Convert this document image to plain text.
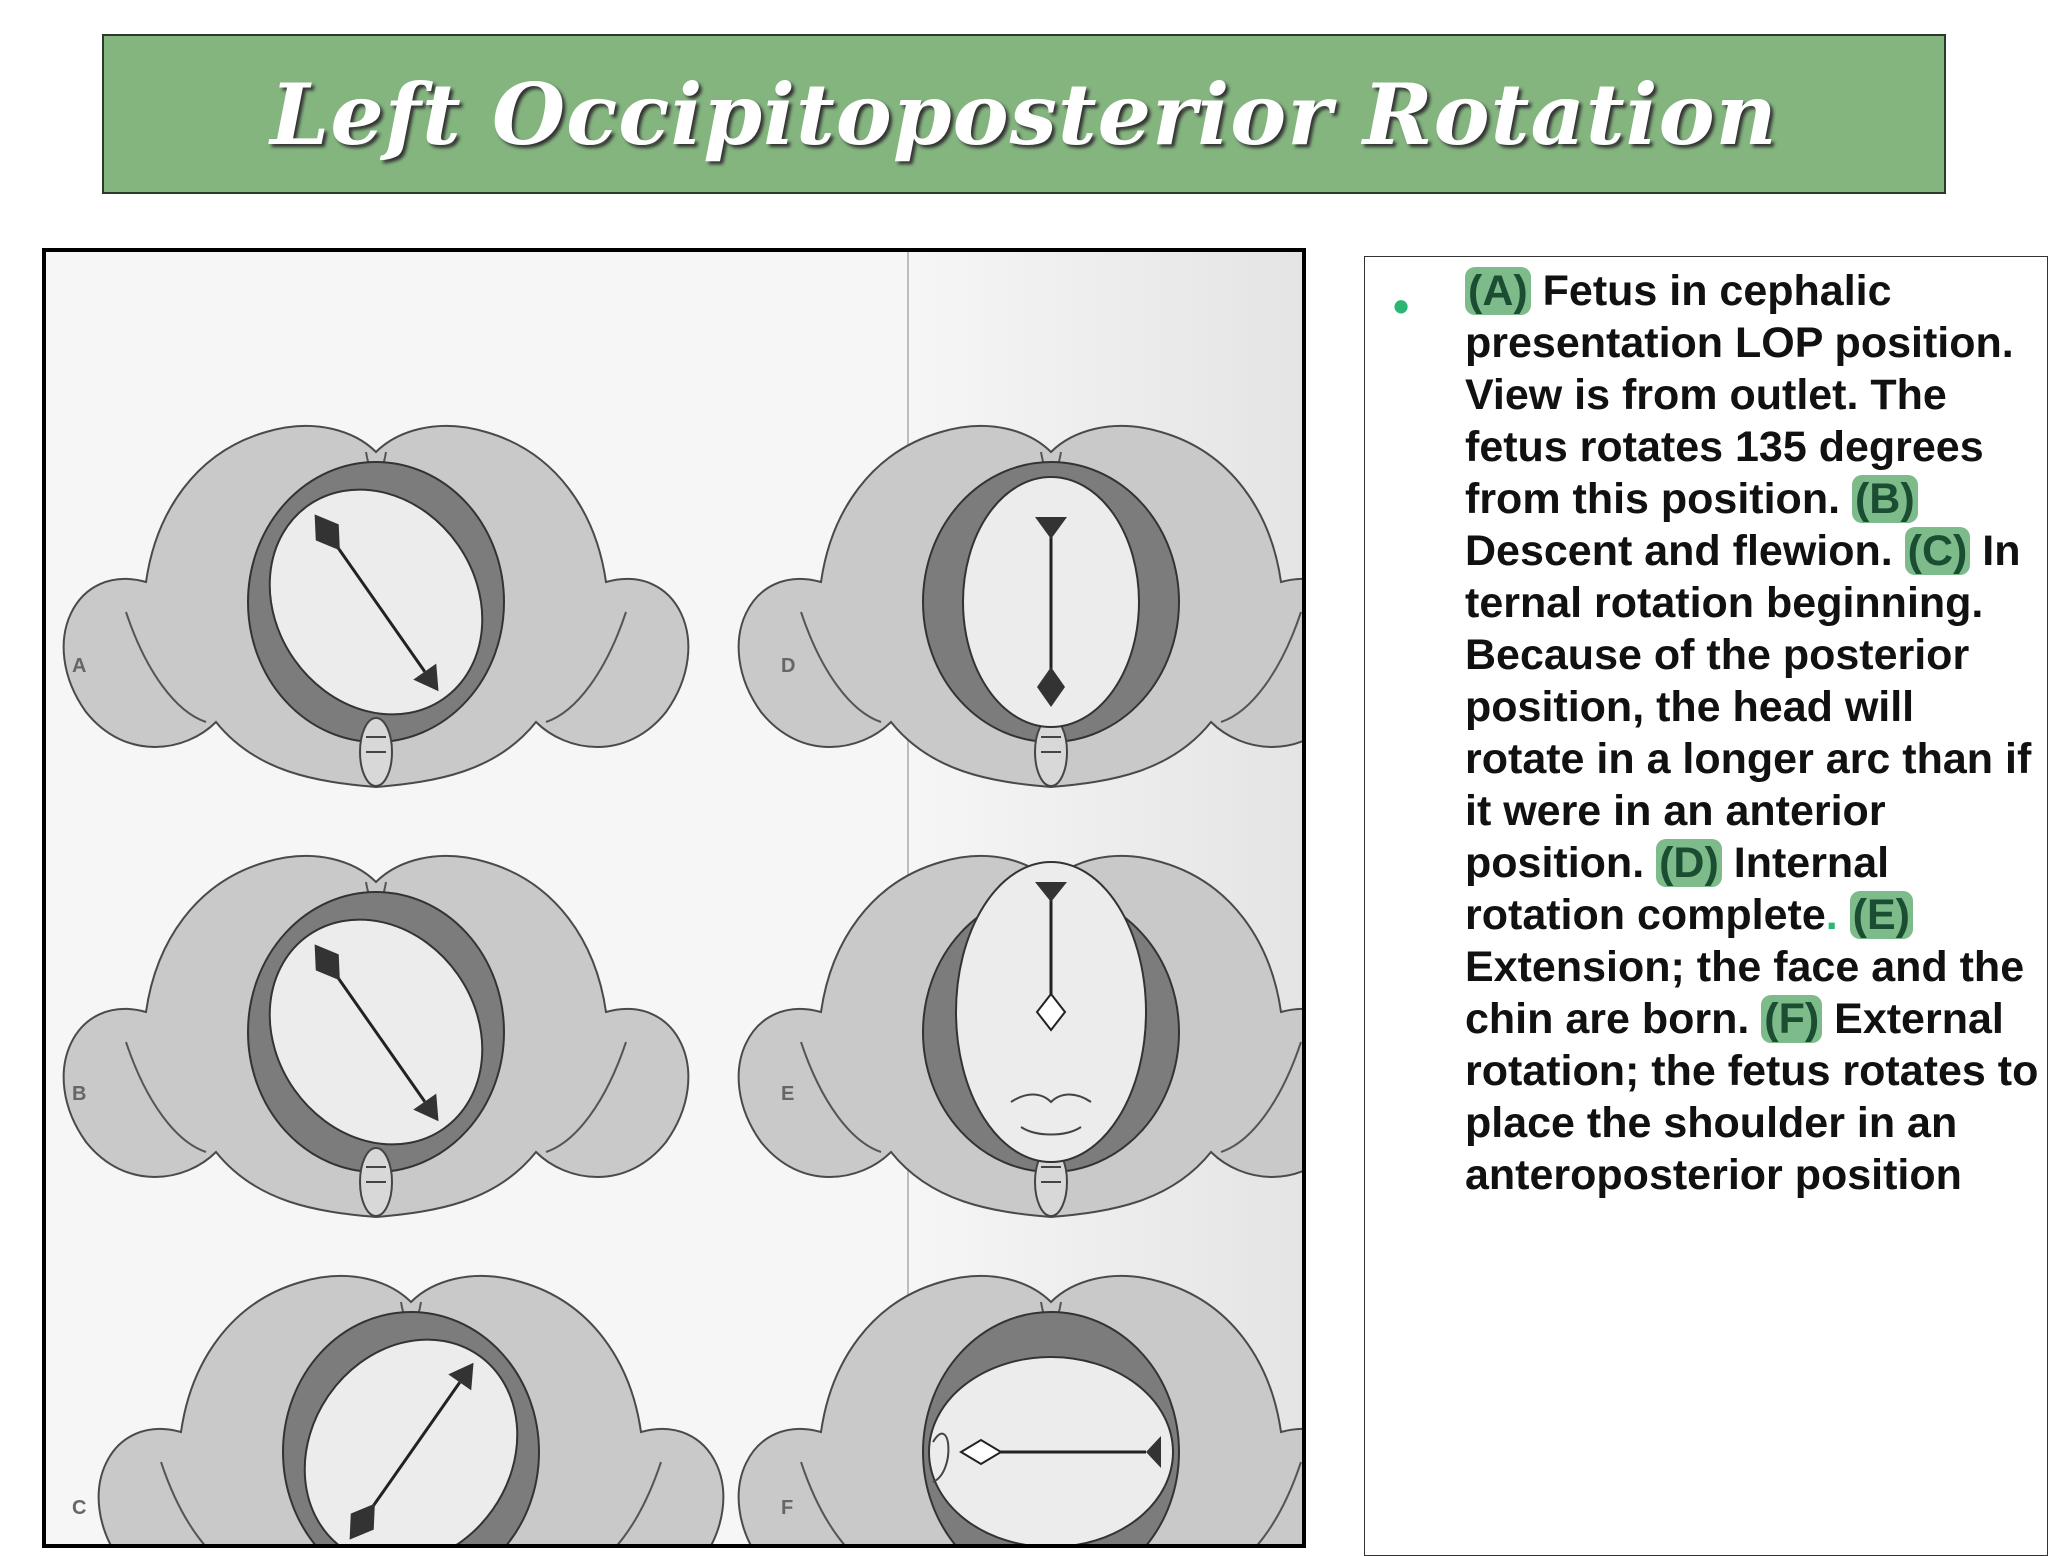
Left Occipitoposterior Rotation
A
B
C
D
E
F
• (A) Fetus in cephalic presentation LOP position. View is from outlet. The fetus rotates 135 degrees from this position. (B) Descent and flewion. (C) In ternal rotation beginning. Because of the posterior position, the head will rotate in a longer arc than if it were in an anterior position. (D) Internal rotation complete. (E) Extension; the face and the chin are born. (F) External rotation; the fetus rotates to place the shoulder in an anteroposterior position
